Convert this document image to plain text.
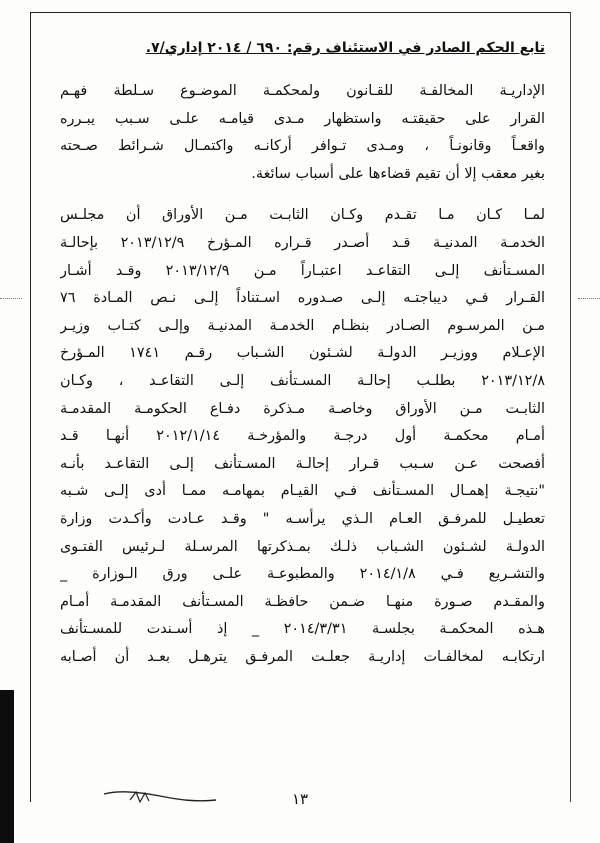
تابع الحكم الصادر في الاستئناف رقم: ٦٩٠ / ٢٠١٤ إداري/٧.
الإداريـة المخالفـة للقـانون ولمحكمـة الموضـوع سـلطة فهـم
القرار على حقيقتـه واستظهار مـدى قيامـه علـى سـبب يبـرره
واقعـاً وقانونـاً ، ومـدى تـوافر أركانـه واكتمـال شـرائط صـحته
بغير معقب إلا أن تقيم قضاءها على أسباب سائغة.
لمـا كـان مـا تقـدم وكـان الثابـت مـن الأوراق أن مجلـس
الخدمـة المدنيـة قـد أصـدر قـراره المـؤرخ ٢٠١٣/١٢/٩ بإحالـة
المسـتأنف إلـى التقاعـد اعتبـاراً مـن ٢٠١٣/١٢/٩ وقـد أشـار
القـرار فـي ديباجتـه إلـى صـدوره اسـتناداً إلـى نـص المـادة ٧٦
مـن المرسـوم الصـادر بنظـام الخدمـة المدنيـة وإلـى كتـاب وزيـر
الإعـلام ووزيـر الدولـة لشـئون الشـباب رقـم ١٧٤١ المـؤرخ
٢٠١٣/١٢/٨ بطلـب إحالـة المسـتأنف إلـى التقاعـد ، وكـان
الثابـت مـن الأوراق وخاصـة مـذكرة دفـاع الحكومـة المقدمـة
أمـام محكمـة أول درجـة والمؤرخـة ٢٠١٢/١/١٤ أنهـا قـد
أفصحت عـن سـبب قـرار إحالـة المسـتأنف إلـى التقاعـد بأنـه
"نتيجـة إهمـال المسـتأنف فـي القيـام بمهامـه ممـا أدى إلـى شـبه
تعطيـل للمرفـق العـام الـذي يرأسـه " وقـد عـادت وأكـدت وزارة
الدولـة لشـئون الشـباب ذلـك بمـذكرتها المرسـلة لـرئيس الفتـوى
والتشـريع فـي ٢٠١٤/١/٨ والمطبوعـة علـى ورق الـوزارة _
والمقـدم صـورة منهـا ضـمن حافظـة المسـتأنف المقدمـة أمـام
هـذه المحكمـة بجلسـة ٢٠١٤/٣/٣١ _ إذ أسـندت للمسـتأنف
ارتكابـه لمخالفـات إداريـة جعلـت المرفـق يترهـل بعـد أن أصـابه
١٣
